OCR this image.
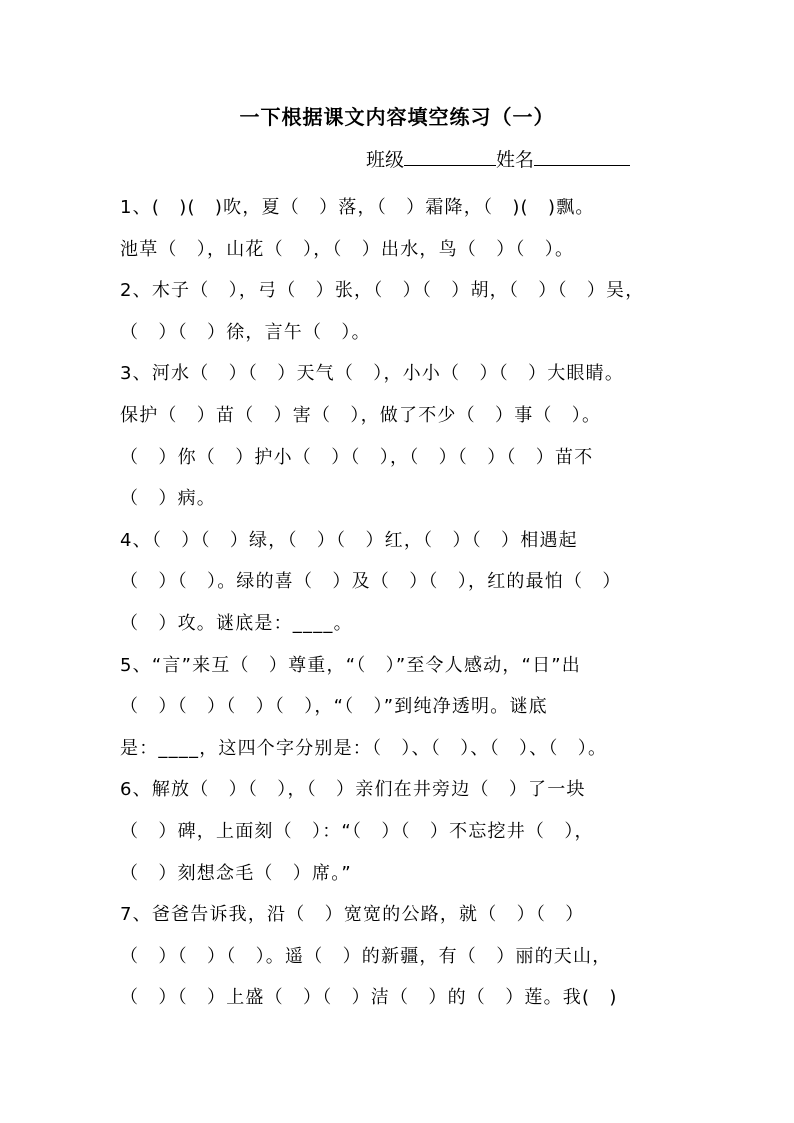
一下根据课文内容填空练习（一）
班级	姓名
1、(　)(　)吹，夏（　）落，（　）霜降，（　)(　)飘。
池草（　），山花（　），（　）出水，鸟（　）（　）。
2、木子（　），弓（　）张，（　）（　）胡，（　）（　）吴，
（　）（　）徐，言午（　）。
3、河水（　）（　）天气（　），小小（　）（　）大眼睛。
保护（　）苗（　）害（　），做了不少（　）事（　）。
（　）你（　）护小（　）（　），（　）（　）（　）苗不
（　）病。
4、（　）（　）绿，（　）（　）红，（　）（　）相遇起
（　）（　）。绿的喜（　）及（　）（　），红的最怕（　）
（　）攻。谜底是：____。
5、“言”来互（　）尊重，“（　）”至令人感动，“日”出
（　）（　）（　）（　），“（　）”到纯净透明。谜底
是：____，这四个字分别是：（　）、（　）、（　）、（　）。
6、解放（　）（　），（　）亲们在井旁边（　）了一块
（　）碑，上面刻（　）：“（　）（　）不忘挖井（　），
（　）刻想念毛（　）席。”
7、爸爸告诉我，沿（　）宽宽的公路，就（　）（　）
（　）（　）（　）。遥（　）的新疆，有（　）丽的天山，
（　）（　）上盛（　）（　）洁（　）的（　）莲。我(　)
